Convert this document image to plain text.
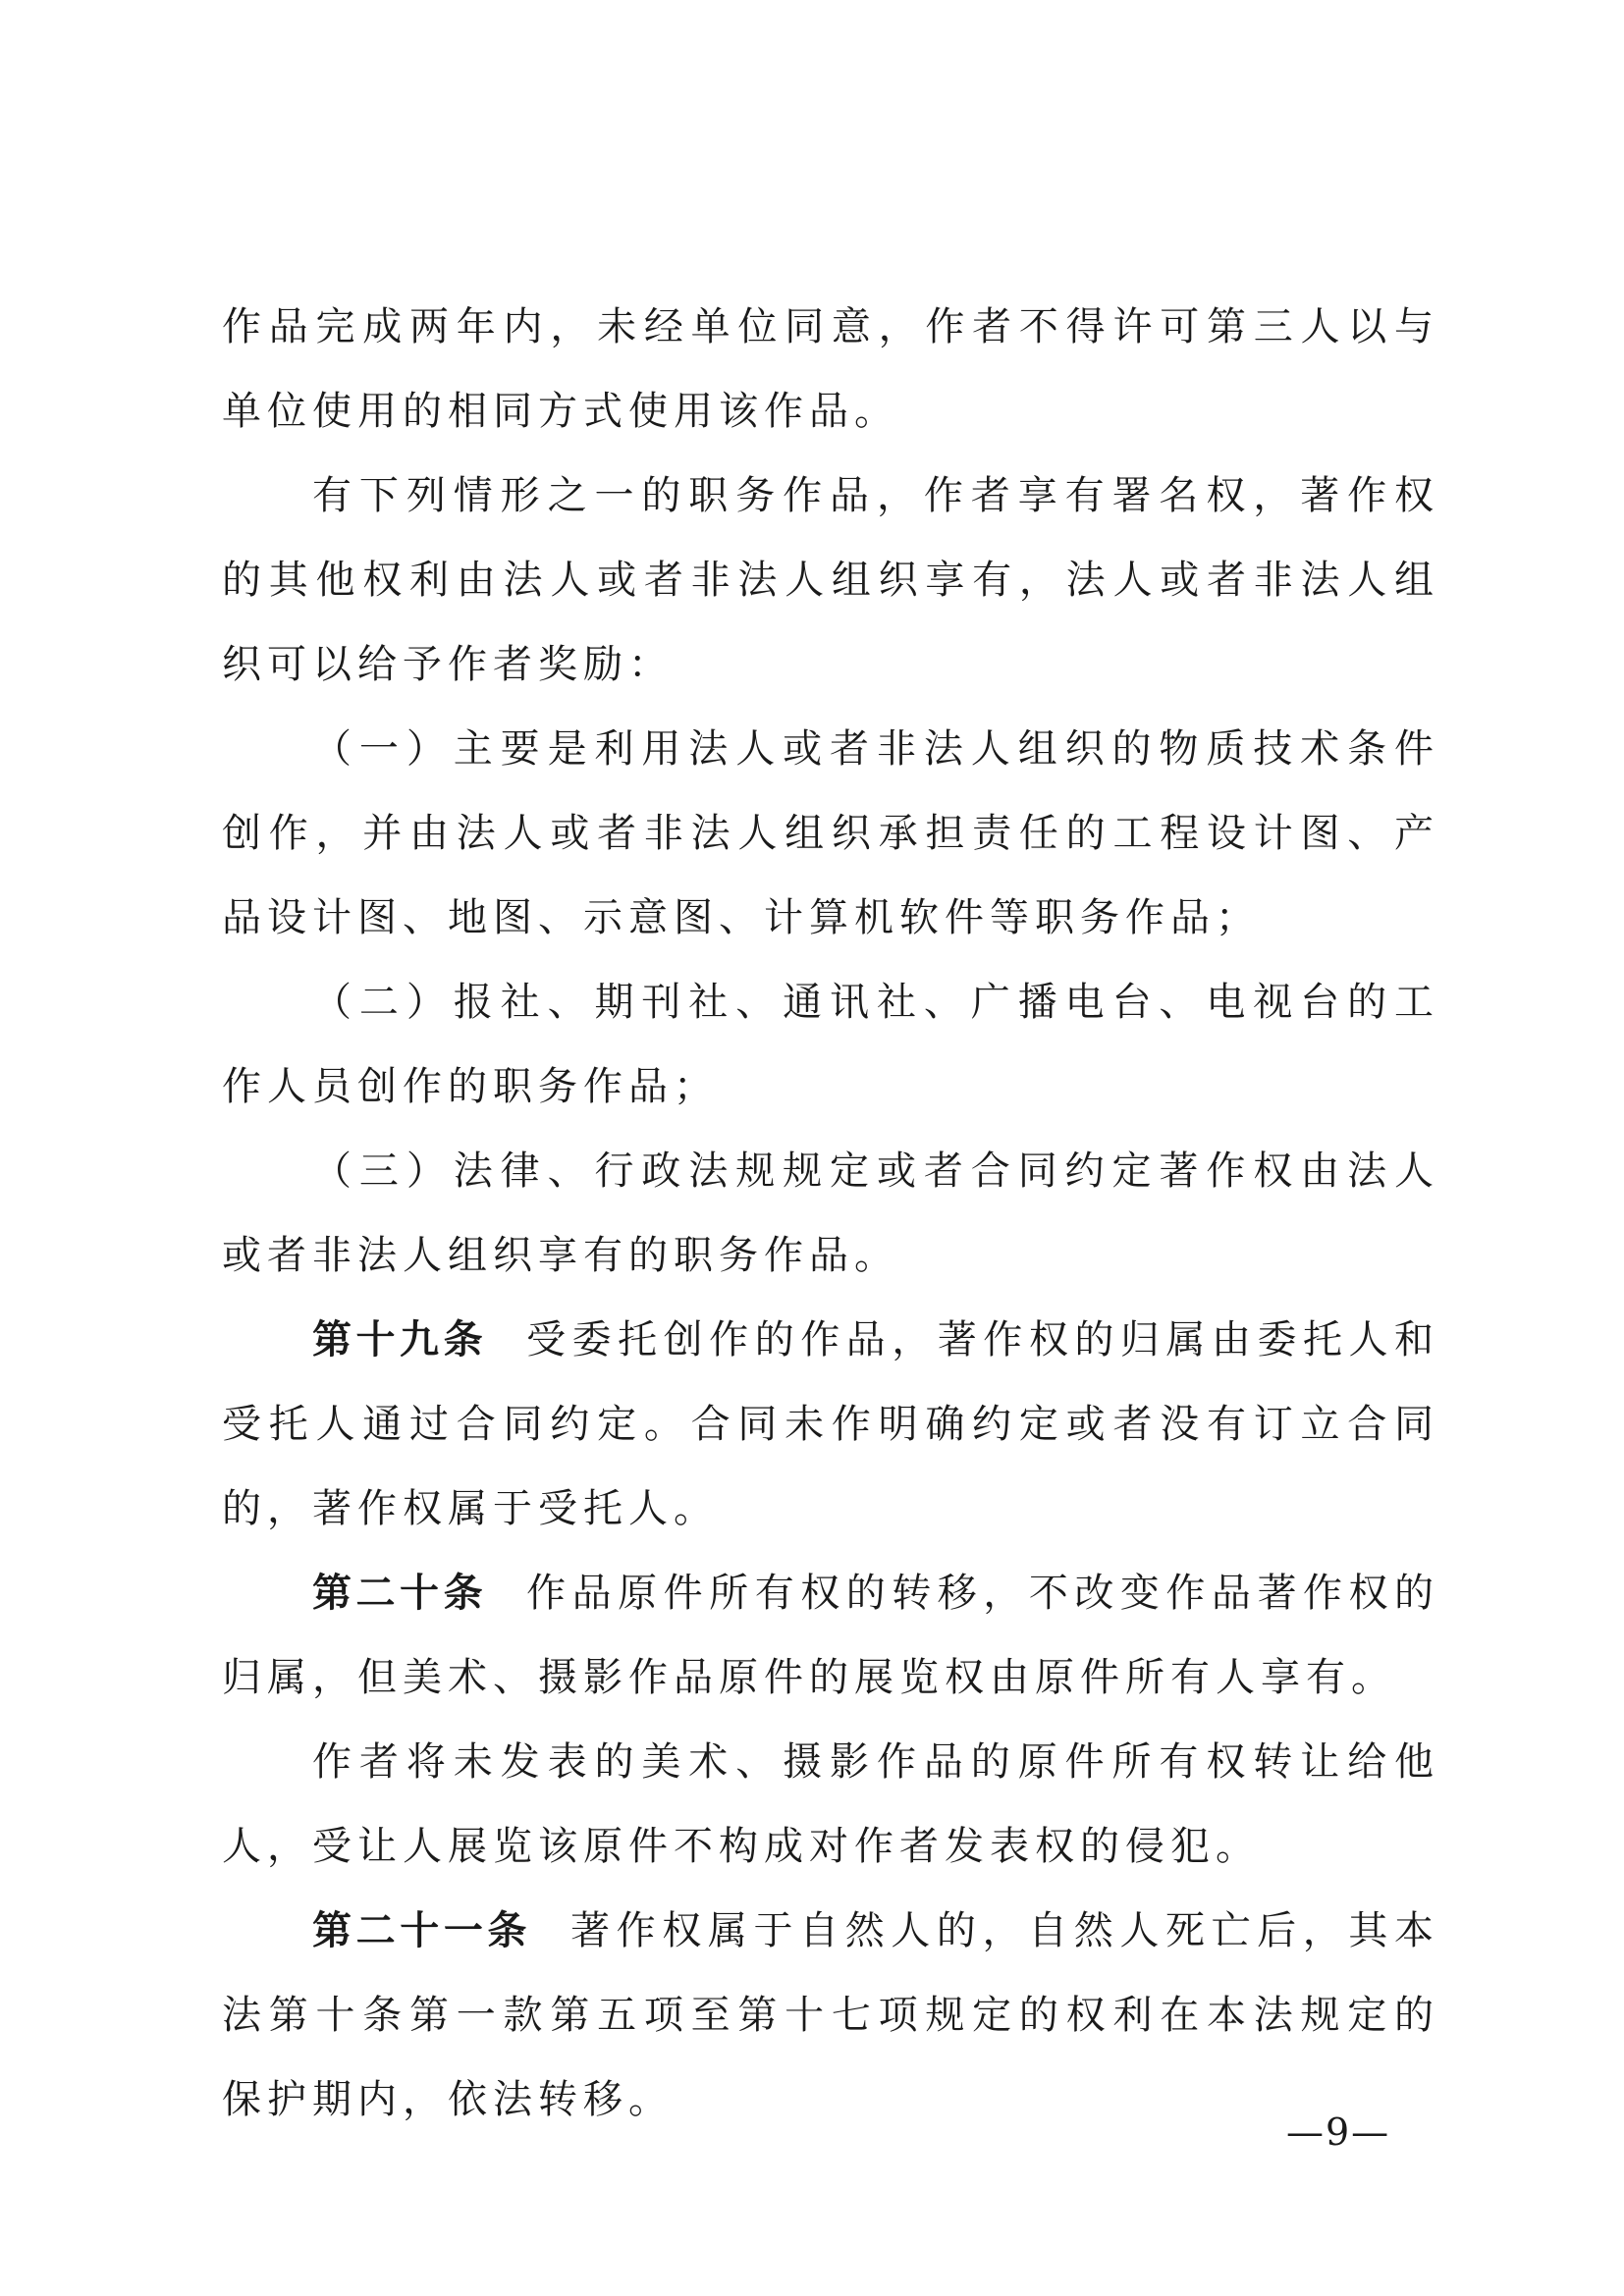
作品完成两年内，未经单位同意，作者不得许可第三人以与单位使用的相同方式使用该作品。

有下列情形之一的职务作品，作者享有署名权，著作权的其他权利由法人或者非法人组织享有，法人或者非法人组织可以给予作者奖励：

（一）主要是利用法人或者非法人组织的物质技术条件创作，并由法人或者非法人组织承担责任的工程设计图、产品设计图、地图、示意图、计算机软件等职务作品；

（二）报社、期刊社、通讯社、广播电台、电视台的工作人员创作的职务作品；

（三）法律、行政法规规定或者合同约定著作权由法人或者非法人组织享有的职务作品。

第十九条 受委托创作的作品，著作权的归属由委托人和受托人通过合同约定。合同未作明确约定或者没有订立合同的，著作权属于受托人。

第二十条 作品原件所有权的转移，不改变作品著作权的归属，但美术、摄影作品原件的展览权由原件所有人享有。

作者将未发表的美术、摄影作品的原件所有权转让给他人，受让人展览该原件不构成对作者发表权的侵犯。

第二十一条 著作权属于自然人的，自然人死亡后，其本法第十条第一款第五项至第十七项规定的权利在本法规定的保护期内，依法转移。

—9—
